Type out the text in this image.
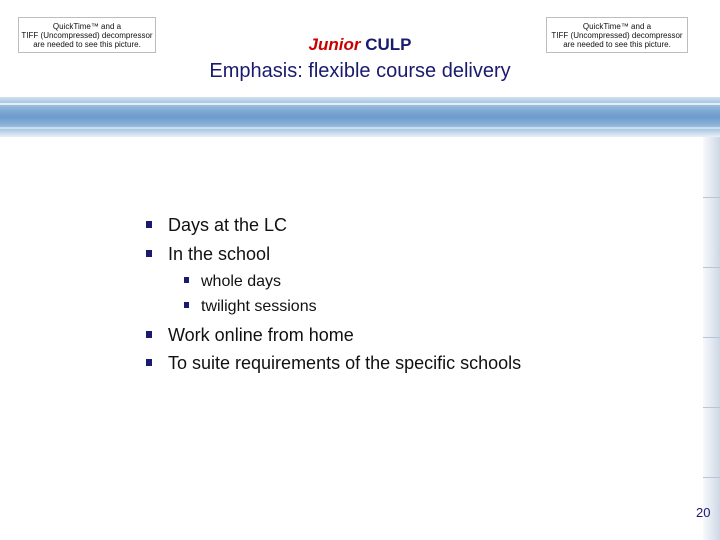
QuickTime™ and a
TIFF (Uncompressed) decompressor
are needed to see this picture.
QuickTime™ and a
TIFF (Uncompressed) decompressor
are needed to see this picture.
Junior CULP
Emphasis: flexible course delivery
Days at the LC
In the school
whole days
twilight sessions
Work online from home
To suite requirements of the specific schools
20
